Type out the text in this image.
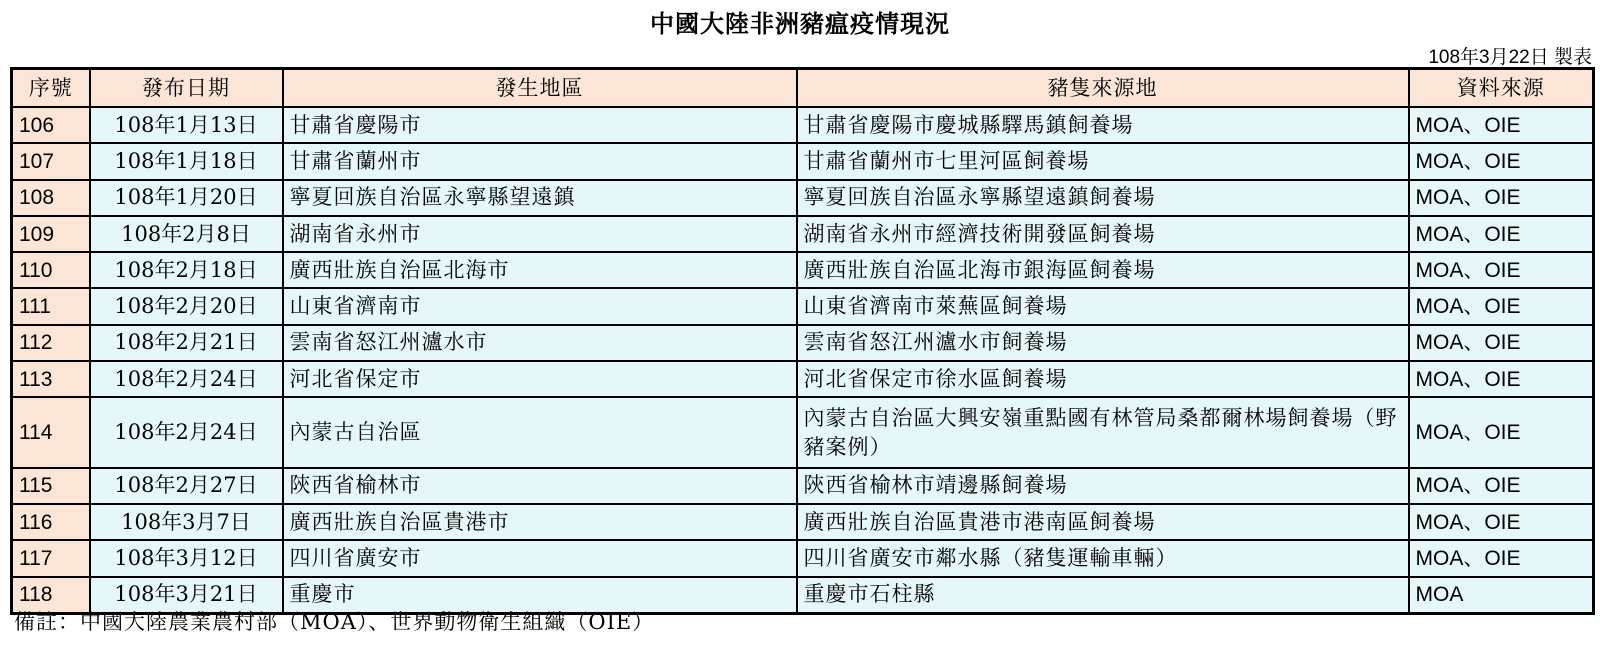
中國大陸非洲豬瘟疫情現況
108年3月22日 製表
序號	發布日期	發生地區	豬隻來源地	資料來源
106	108年1月13日	甘肅省慶陽市	甘肅省慶陽市慶城縣驛馬鎮飼養場	MOA、OIE
107	108年1月18日	甘肅省蘭州市	甘肅省蘭州市七里河區飼養場	MOA、OIE
108	108年1月20日	寧夏回族自治區永寧縣望遠鎮	寧夏回族自治區永寧縣望遠鎮飼養場	MOA、OIE
109	108年2月8日	湖南省永州市	湖南省永州市經濟技術開發區飼養場	MOA、OIE
110	108年2月18日	廣西壯族自治區北海市	廣西壯族自治區北海市銀海區飼養場	MOA、OIE
111	108年2月20日	山東省濟南市	山東省濟南市萊蕪區飼養場	MOA、OIE
112	108年2月21日	雲南省怒江州瀘水市	雲南省怒江州瀘水市飼養場	MOA、OIE
113	108年2月24日	河北省保定市	河北省保定市徐水區飼養場	MOA、OIE
114	108年2月24日	內蒙古自治區	內蒙古自治區大興安嶺重點國有林管局桑都爾林場飼養場（野豬案例）	MOA、OIE
115	108年2月27日	陝西省榆林市	陝西省榆林市靖邊縣飼養場	MOA、OIE
116	108年3月7日	廣西壯族自治區貴港市	廣西壯族自治區貴港市港南區飼養場	MOA、OIE
117	108年3月12日	四川省廣安市	四川省廣安市鄰水縣（豬隻運輸車輛）	MOA、OIE
118	108年3月21日	重慶市	重慶市石柱縣	MOA
備註：中國大陸農業農村部（MOA）、世界動物衛生組織（OIE）
